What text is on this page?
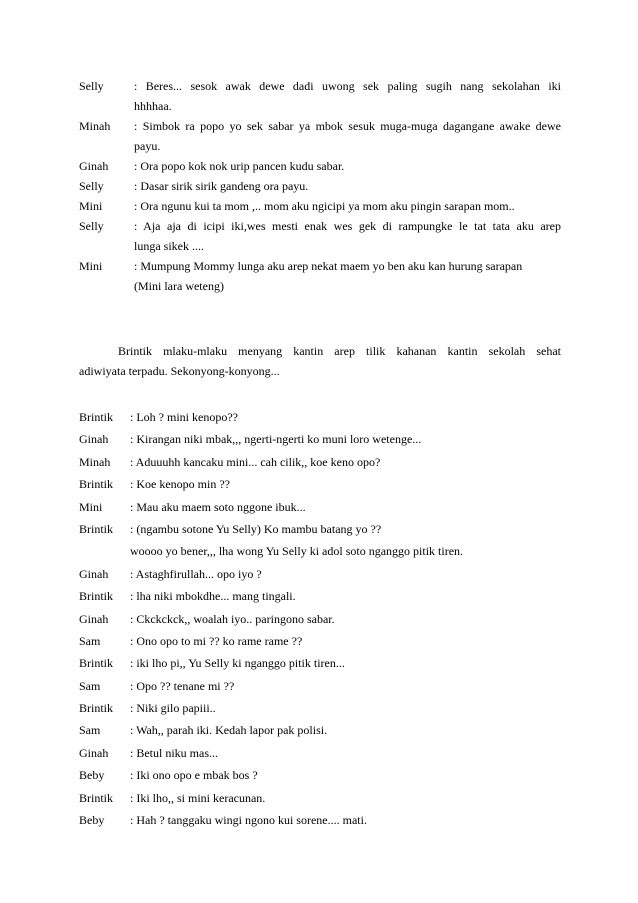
Selly	: Beres... sesok awak dewe dadi uwong sek paling sugih nang sekolahan iki
hhhhaa.
Minah	: Simbok ra popo yo sek sabar ya mbok sesuk muga-muga dagangane awake dewe
payu.
Ginah	: Ora popo kok nok urip pancen kudu sabar.
Selly	: Dasar sirik sirik gandeng ora payu.
Mini	: Ora ngunu kui ta mom ,.. mom aku ngicipi ya mom aku pingin sarapan mom..
Selly	: Aja aja di icipi iki,wes mesti enak wes gek di rampungke le tat tata aku arep
lunga sikek ....
Mini	: Mumpung Mommy lunga aku arep nekat maem yo ben aku kan hurung sarapan
(Mini lara weteng)
Brintik mlaku-mlaku menyang kantin arep tilik kahanan kantin sekolah sehat
adiwiyata terpadu. Sekonyong-konyong...
Brintik	: Loh ? mini kenopo??
Ginah	: Kirangan niki mbak,,, ngerti-ngerti ko muni loro wetenge...
Minah	: Aduuuhh kancaku mini... cah cilik,, koe keno opo?
Brintik	: Koe kenopo min ??
Mini	: Mau aku maem soto nggone ibuk...
Brintik	: (ngambu sotone Yu Selly) Ko mambu batang yo ??
woooo yo bener,,, lha wong Yu Selly ki adol soto nganggo pitik tiren.
Ginah	: Astaghfirullah... opo iyo ?
Brintik	: lha niki mbokdhe... mang tingali.
Ginah	: Ckckckck,, woalah iyo.. paringono sabar.
Sam	: Ono opo to mi ?? ko rame rame ??
Brintik	: iki lho pi,, Yu Selly ki nganggo pitik tiren...
Sam	: Opo ?? tenane mi ??
Brintik	: Niki gilo papiii..
Sam	: Wah,, parah iki. Kedah lapor pak polisi.
Ginah	: Betul niku mas...
Beby	: Iki ono opo e mbak bos ?
Brintik	: Iki lho,, si mini keracunan.
Beby	: Hah ? tanggaku wingi ngono kui sorene.... mati.
